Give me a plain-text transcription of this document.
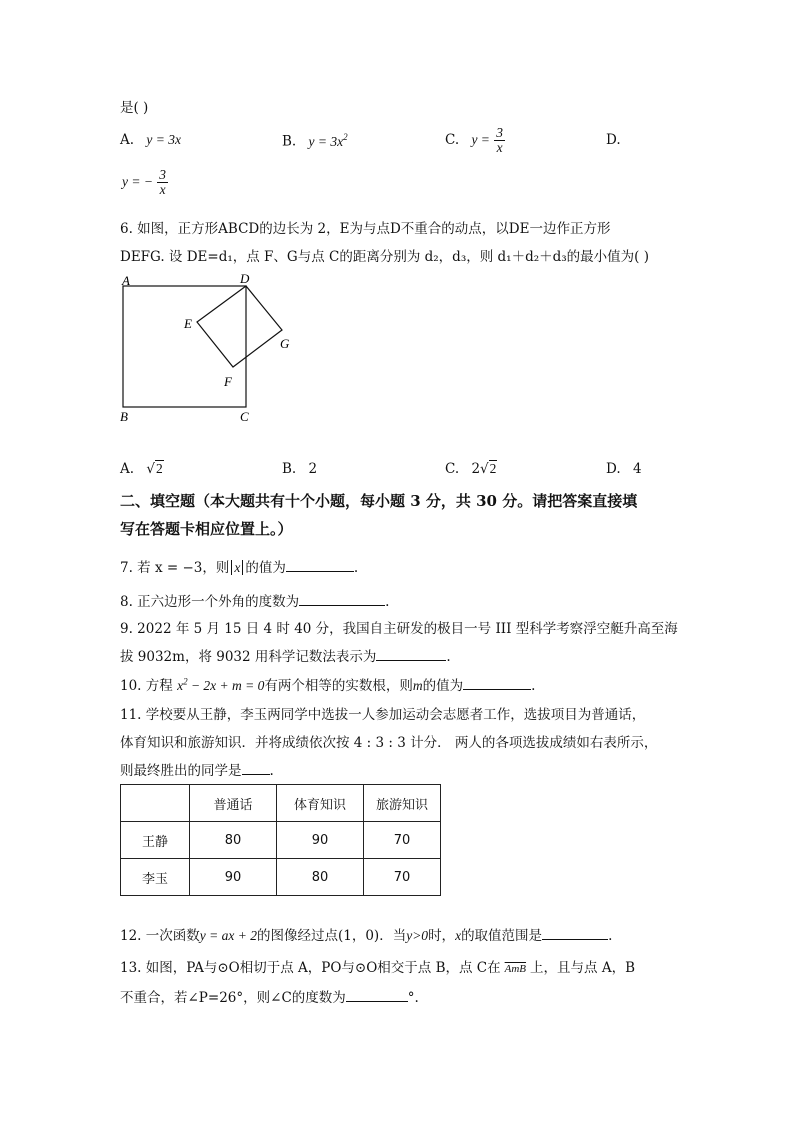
是( )
A. y = 3x	B. $y = 3x^2$	C. $y = \frac{3}{x}$	D.
y = − $\frac{3}{x}$
6. 如图，正方形ABCD的边长为 2，E为与点D不重合的动点，以DE一边作正方形
DEFG. 设 DE=d₁，点 F、G与点 C的距离分别为 d₂，d₃，则 d₁＋d₂＋d₃的最小值为( )
A	D
E
G
F
B	C
A. √2	B. 2	C. 2√2	D. 4
二、填空题（本大题共有十个小题，每小题 3 分，共 30 分。请把答案直接填
写在答题卡相应位置上。）
7. 若 x = −3，则 x 的值为	.
8. 正六边形一个外角的度数为	.
9. 2022 年 5 月 15 日 4 时 40 分，我国自主研发的极目一号 III 型科学考察浮空艇升高至海
拔 9032m，将 9032 用科学记数法表示为	.
10. 方程 $x^2 - 2x + m = 0$有两个相等的实数根，则m的值为	.
11. 学校要从王静，李玉两同学中选拔一人参加运动会志愿者工作，选拔项目为普通话，
体育知识和旅游知识．并将成绩依次按 4 : 3 : 3 计分． 两人的各项选拔成绩如右表所示，
则最终胜出的同学是 .
	普通话	体育知识	旅游知识
王静	80	90	70
李玉	90	80	70
12. 一次函数y = ax + 2的图像经过点(1，0)．当y>0时，x的取值范围是	.
13. 如图，PA与⊙O相切于点 A，PO与⊙O相交于点 B，点 C在 $\overline{AmB}$ 上，且与点 A，B
不重合，若∠P=26°，则∠C的度数为	°.
